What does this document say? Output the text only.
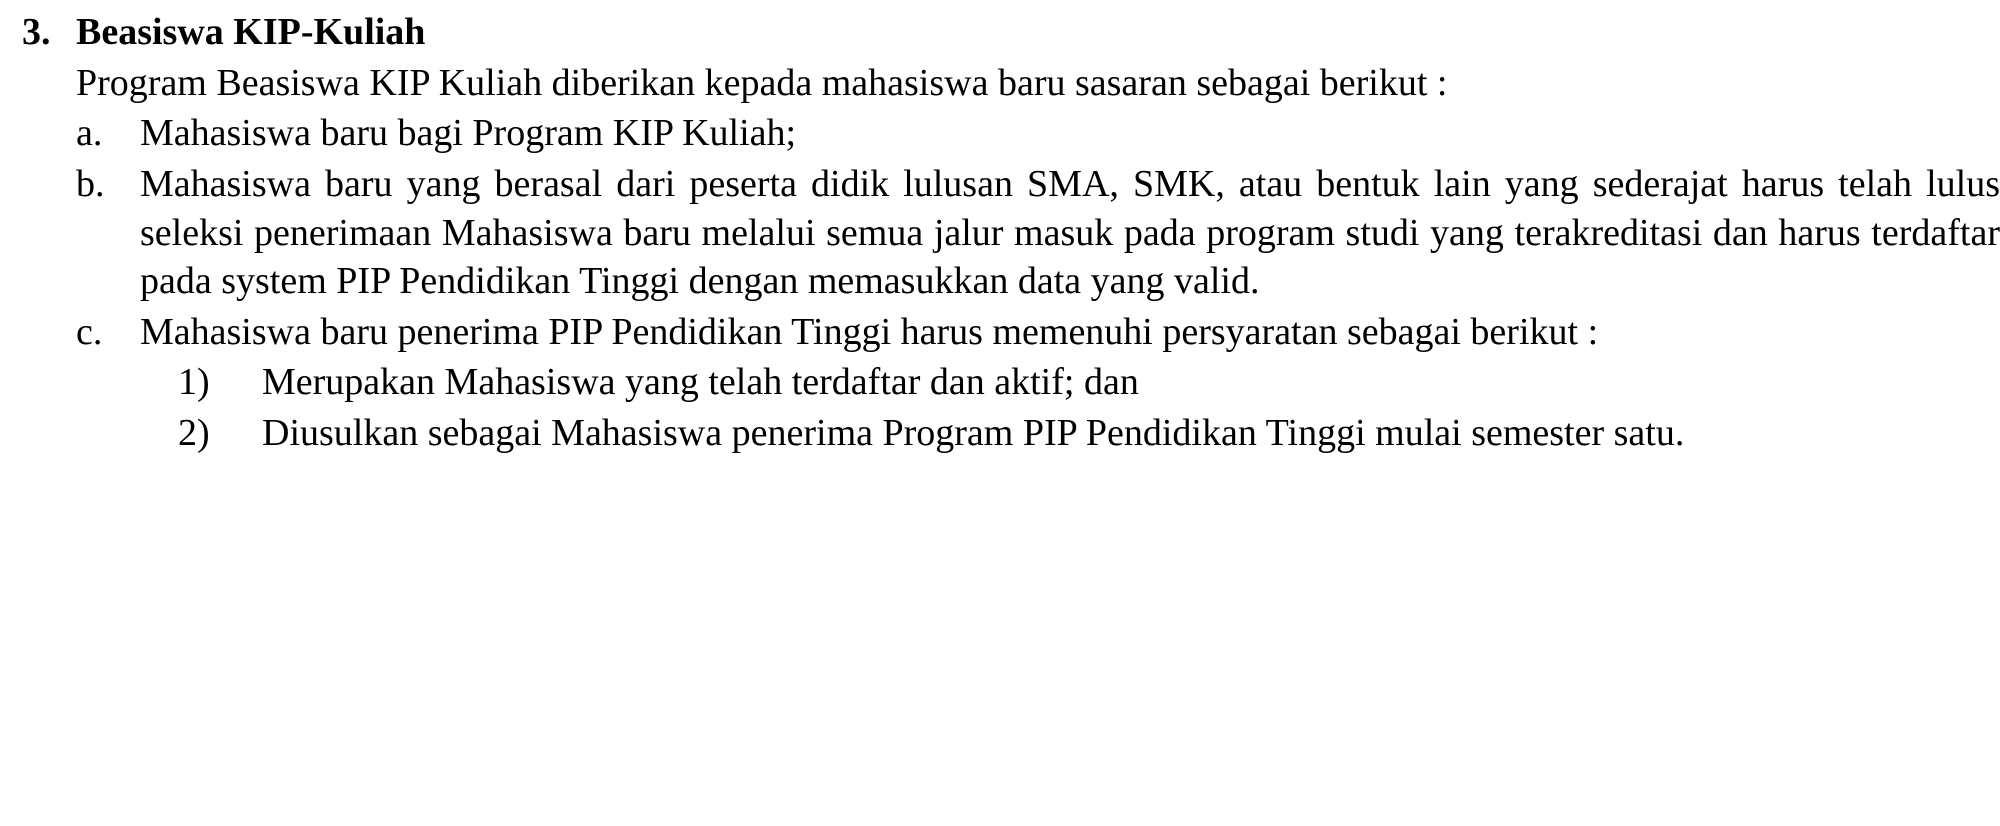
3. Beasiswa KIP-Kuliah

Program Beasiswa KIP Kuliah diberikan kepada mahasiswa baru sasaran sebagai berikut :

a. Mahasiswa baru bagi Program KIP Kuliah;

b. Mahasiswa baru yang berasal dari peserta didik lulusan SMA, SMK, atau bentuk lain yang sederajat harus telah lulus seleksi penerimaan Mahasiswa baru melalui semua jalur masuk pada program studi yang terakreditasi dan harus terdaftar pada system PIP Pendidikan Tinggi dengan memasukkan data yang valid.

c. Mahasiswa baru penerima PIP Pendidikan Tinggi harus memenuhi persyaratan sebagai berikut :

1)	Merupakan Mahasiswa yang telah terdaftar dan aktif; dan

2)	Diusulkan sebagai Mahasiswa penerima Program PIP Pendidikan Tinggi mulai semester satu.
